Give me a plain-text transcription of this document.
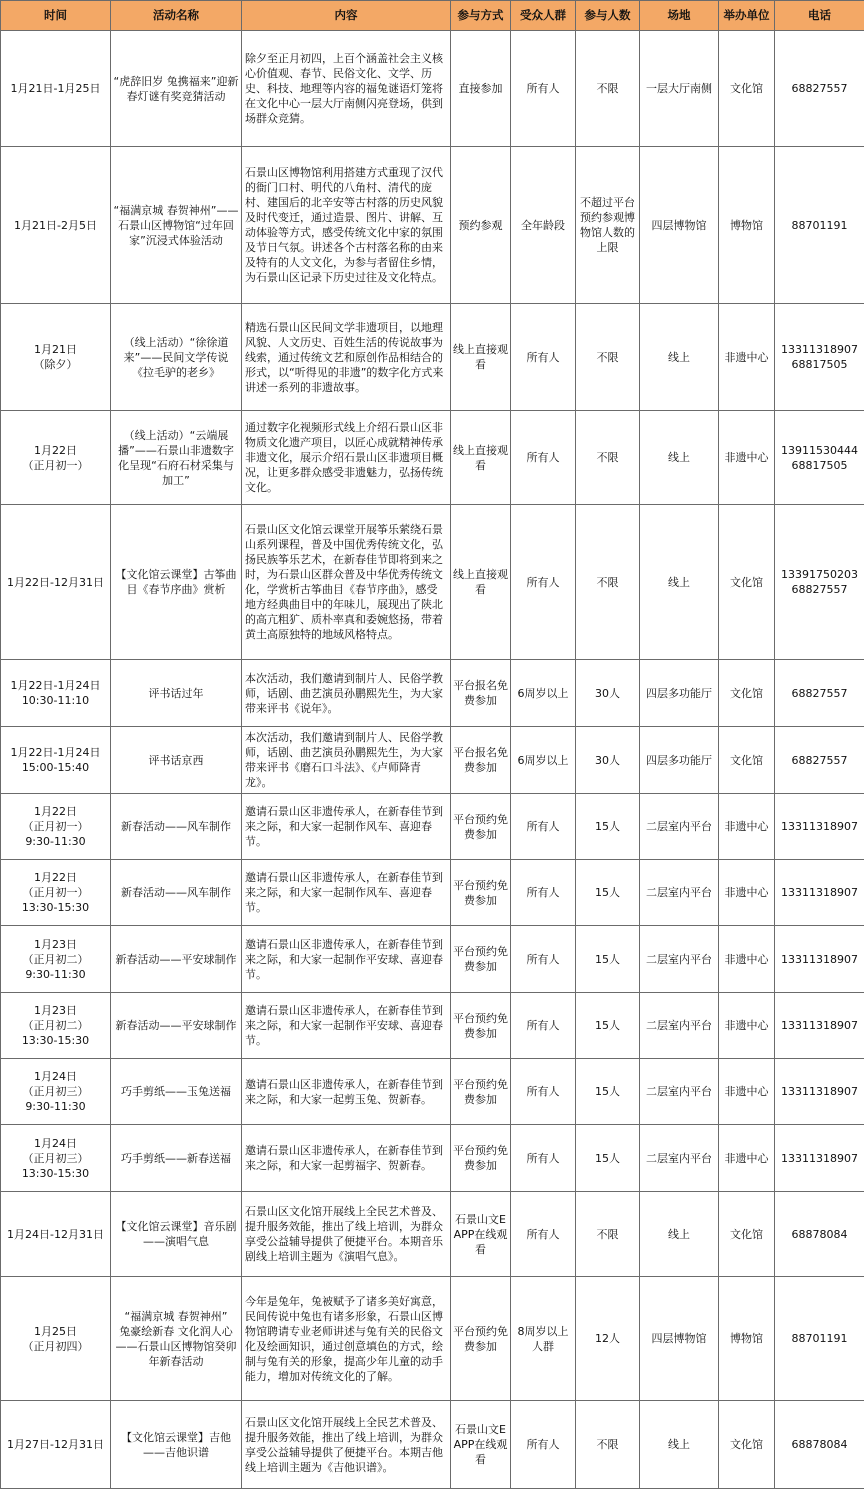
时间	活动名称	内容	参与方式	受众人群	参与人数	场地	举办单位	电话

1月21日-1月25日	“虎辞旧岁 兔携福来”迎新春灯谜有奖竞猜活动	除夕至正月初四，上百个涵盖社会主义核心价值观、春节、民俗文化、文学、历史、科技、地理等内容的福兔谜语灯笼将在文化中心一层大厅南侧闪亮登场，供到场群众竞猜。	直接参加	所有人	不限	一层大厅南侧	文化馆	68827557

1月21日-2月5日	“福满京城 春贺神州”——石景山区博物馆“过年回家”沉浸式体验活动	石景山区博物馆利用搭建方式重现了汉代的衙门口村、明代的八角村、清代的庞村、建国后的北辛安等古村落的历史风貌及时代变迁，通过造景、图片、讲解、互动体验等方式，感受传统文化中家的氛围及节日气氛。讲述各个古村落名称的由来及特有的人文文化，为参与者留住乡情，为石景山区记录下历史过往及文化特点。	预约参观	全年龄段	不超过平台预约参观博物馆人数的上限	四层博物馆	博物馆	88701191

1月21日
（除夕）	（线上活动）“徐徐道来”——民间文学传说《拉毛驴的老乡》	精选石景山区民间文学非遗项目，以地理风貌、人文历史、百姓生活的传说故事为线索，通过传统文艺和原创作品相结合的形式，以“听得见的非遗”的数字化方式来讲述一系列的非遗故事。	线上直接观看	所有人	不限	线上	非遗中心	13311318907
68817505

1月22日
（正月初一）	（线上活动）“云端展播”——石景山非遗数字化呈现“石府石材采集与加工”	通过数字化视频形式线上介绍石景山区非物质文化遗产项目，以匠心成就精神传承非遗文化，展示介绍石景山区非遗项目概况，让更多群众感受非遗魅力，弘扬传统文化。	线上直接观看	所有人	不限	线上	非遗中心	13911530444
68817505

1月22日-12月31日	【文化馆云课堂】古筝曲目《春节序曲》赏析	石景山区文化馆云课堂开展筝乐萦绕石景山系列课程，普及中国优秀传统文化，弘扬民族筝乐艺术，在新春佳节即将到来之时，为石景山区群众普及中华优秀传统文化，学赏析古筝曲目《春节序曲》，感受地方经典曲目中的年味儿，展现出了陕北的高亢粗犷、质朴率真和委婉悠扬，带着黄土高原独特的地域风格特点。	线上直接观看	所有人	不限	线上	文化馆	13391750203
68827557

1月22日-1月24日
10:30-11:10	评书话过年	本次活动，我们邀请到制片人、民俗学教师，话剧、曲艺演员孙鹏熙先生，为大家带来评书《说年》。	平台报名免费参加	6周岁以上	30人	四层多功能厅	文化馆	68827557

1月22日-1月24日
15:00-15:40	评书话京西	本次活动，我们邀请到制片人、民俗学教师，话剧、曲艺演员孙鹏熙先生，为大家带来评书《磨石口斗法》、《卢师降青龙》。	平台报名免费参加	6周岁以上	30人	四层多功能厅	文化馆	68827557

1月22日
（正月初一）
9:30-11:30	新春活动——风车制作	邀请石景山区非遗传承人，在新春佳节到来之际，和大家一起制作风车、喜迎春节。	平台预约免费参加	所有人	15人	二层室内平台	非遗中心	13311318907

1月22日
（正月初一）
13:30-15:30	新春活动——风车制作	邀请石景山区非遗传承人，在新春佳节到来之际，和大家一起制作风车、喜迎春节。	平台预约免费参加	所有人	15人	二层室内平台	非遗中心	13311318907

1月23日
（正月初二）
9:30-11:30	新春活动——平安球制作	邀请石景山区非遗传承人，在新春佳节到来之际，和大家一起制作平安球、喜迎春节。	平台预约免费参加	所有人	15人	二层室内平台	非遗中心	13311318907

1月23日
（正月初二）
13:30-15:30	新春活动——平安球制作	邀请石景山区非遗传承人，在新春佳节到来之际，和大家一起制作平安球、喜迎春节。	平台预约免费参加	所有人	15人	二层室内平台	非遗中心	13311318907

1月24日
（正月初三）
9:30-11:30	巧手剪纸——玉兔送福	邀请石景山区非遗传承人，在新春佳节到来之际，和大家一起剪玉兔、贺新春。	平台预约免费参加	所有人	15人	二层室内平台	非遗中心	13311318907

1月24日
（正月初三）
13:30-15:30	巧手剪纸——新春送福	邀请石景山区非遗传承人，在新春佳节到来之际，和大家一起剪福字、贺新春。	平台预约免费参加	所有人	15人	二层室内平台	非遗中心	13311318907

1月24日-12月31日	【文化馆云课堂】音乐剧——演唱气息	石景山区文化馆开展线上全民艺术普及、提升服务效能，推出了线上培训，为群众享受公益辅导提供了便捷平台。本期音乐剧线上培训主题为《演唱气息》。	石景山文E APP在线观看	所有人	不限	线上	文化馆	68878084

1月25日
（正月初四）	“福满京城 春贺神州”
兔豪绘新春 文化润人心
——石景山区博物馆癸卯年新春活动	今年是兔年，兔被赋予了诸多美好寓意，民间传说中兔也有诸多形象，石景山区博物馆聘请专业老师讲述与兔有关的民俗文化及绘画知识，通过创意填色的方式，绘制与兔有关的形象，提高少年儿童的动手能力，增加对传统文化的了解。	平台预约免费参加	8周岁以上人群	12人	四层博物馆	博物馆	88701191

1月27日-12月31日	【文化馆云课堂】吉他——吉他识谱	石景山区文化馆开展线上全民艺术普及、提升服务效能，推出了线上培训，为群众享受公益辅导提供了便捷平台。本期吉他线上培训主题为《吉他识谱》。	石景山文E APP在线观看	所有人	不限	线上	文化馆	68878084
